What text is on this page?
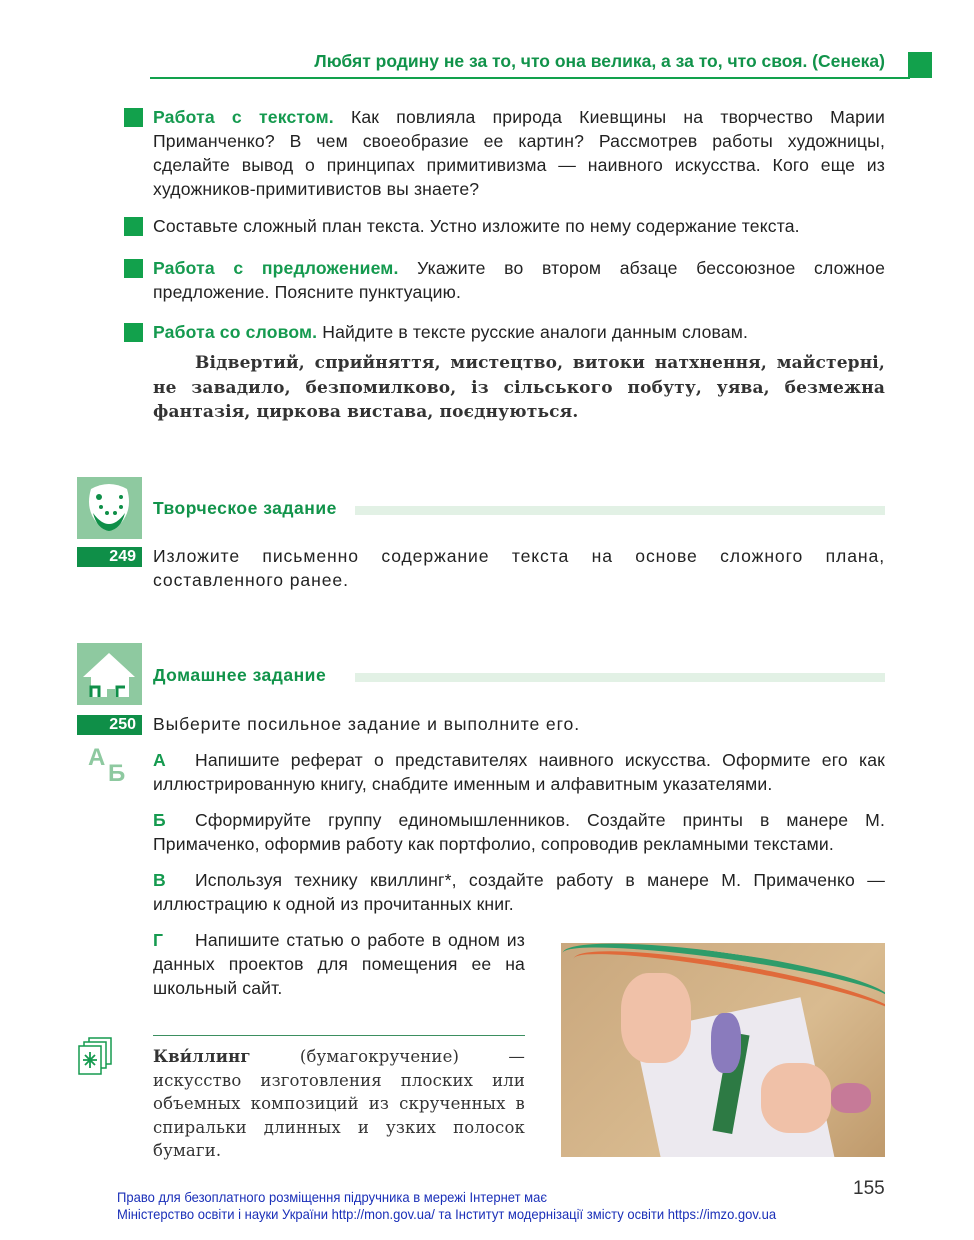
Любят родину не за то, что она велика, а за то, что своя. (Сенека)
Работа с текстом. Как повлияла природа Киевщины на творчество Марии Приманченко? В чем своеобразие ее картин? Рассмотрев работы художницы, сделайте вывод о принципах примитивизма — наивного искусства. Кого еще из художников-примитивистов вы знаете?
Составьте сложный план текста. Устно изложите по нему содержание текста.
Работа с предложением. Укажите во втором абзаце бессоюзное сложное предложение. Поясните пунктуацию.
Работа со словом. Найдите в тексте русские аналоги данным словам.
Відвертий, сприйняття, мистецтво, витоки натхнення, майстерні, не завадило, безпомилково, із сільського побуту, уява, безмежна фантазія, циркова вистава, поєднуються.
Творческое задание
249 Изложите письменно содержание текста на основе сложного плана, составленного ранее.
Домашнее задание
250 Выберите посильное задание и выполните его.
A
Б А Напишите реферат о представителях наивного искусства. Оформите его как иллюстрированную книгу, снабдите именным и алфавитным указателями.
Б Сформируйте группу единомышленников. Создайте принты в манере М. Примаченко, оформив работу как портфолио, сопроводив рекламными текстами.
В Используя технику квиллинг*, создайте работу в манере М. Примаченко — иллюстрацию к одной из прочитанных книг.
Г Напишите статью о работе в одном из данных проектов для помещения ее на школьный сайт.
Кви́ллинг (бумагокручение) — искусство изготовления плоских или объемных композиций из скрученных в спиральки длинных и узких полосок бумаги.
155
Право для безоплатного розміщення підручника в мережі Інтернет має
Міністерство освіти і науки України http://mon.gov.ua/ та Інститут модернізації змісту освіти https://imzo.gov.ua
